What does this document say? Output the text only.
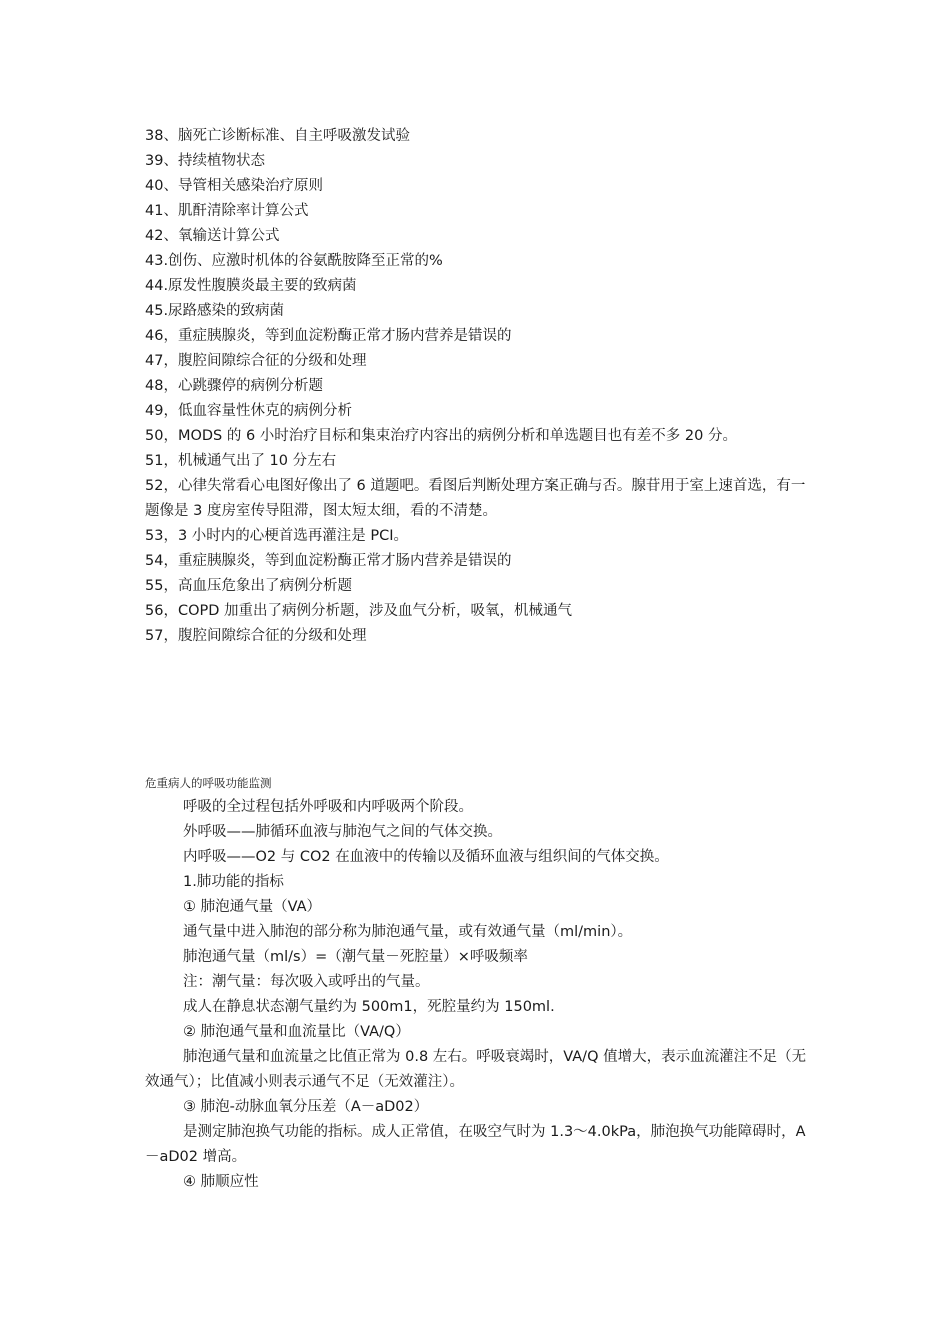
38、脑死亡诊断标准、自主呼吸激发试验
39、持续植物状态
40、导管相关感染治疗原则
41、肌酐清除率计算公式
42、氧输送计算公式
43.创伤、应激时机体的谷氨酰胺降至正常的%
44.原发性腹膜炎最主要的致病菌
45.尿路感染的致病菌
46，重症胰腺炎，等到血淀粉酶正常才肠内营养是错误的
47，腹腔间隙综合征的分级和处理
48，心跳骤停的病例分析题
49，低血容量性休克的病例分析
50，MODS 的 6 小时治疗目标和集束治疗内容出的病例分析和单选题目也有差不多 20 分。
51，机械通气出了 10 分左右
52，心律失常看心电图好像出了 6 道题吧。看图后判断处理方案正确与否。腺苷用于室上速首选，有一题像是 3 度房室传导阻滞，图太短太细，看的不清楚。
53，3 小时内的心梗首选再灌注是 PCI。
54，重症胰腺炎，等到血淀粉酶正常才肠内营养是错误的
55，高血压危象出了病例分析题
56，COPD 加重出了病例分析题，涉及血气分析，吸氧，机械通气
57，腹腔间隙综合征的分级和处理
危重病人的呼吸功能监测

呼吸的全过程包括外呼吸和内呼吸两个阶段。

外呼吸——肺循环血液与肺泡气之间的气体交换。

内呼吸——O2 与 CO2 在血液中的传输以及循环血液与组织间的气体交换。

1.肺功能的指标

① 肺泡通气量（VA）

通气量中进入肺泡的部分称为肺泡通气量，或有效通气量（ml/min）。

肺泡通气量（ml/s）=（潮气量－死腔量）×呼吸频率

注：潮气量：每次吸入或呼出的气量。

成人在静息状态潮气量约为 500m1，死腔量约为 150ml.

② 肺泡通气量和血流量比（VA/Q）

肺泡通气量和血流量之比值正常为 0.8 左右。呼吸衰竭时，VA/Q 值增大，表示血流灌注不足（无效通气）；比值减小则表示通气不足（无效灌注）。

③ 肺泡-动脉血氧分压差（A－aD02）

是测定肺泡换气功能的指标。成人正常值，在吸空气时为 1.3～4.0kPa，肺泡换气功能障碍时，A－aD02 增高。

④ 肺顺应性
